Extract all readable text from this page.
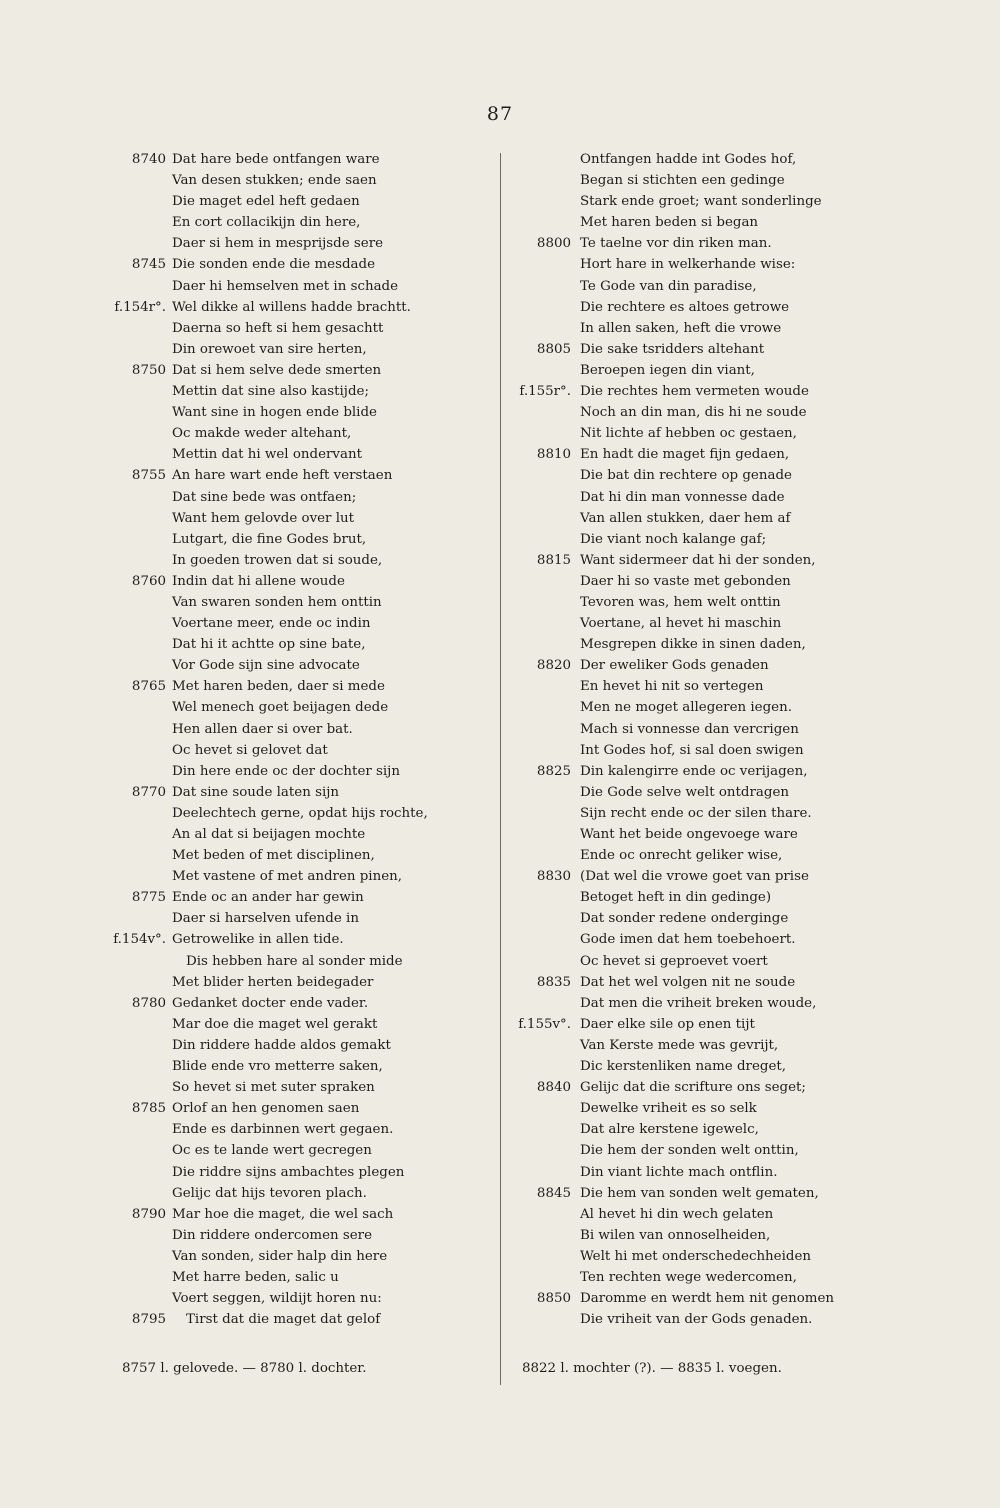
87
8740 Dat hare bede ontfangen ware
Van desen stukken; ende saen
Die maget edel heft gedaen
En cort collacikijn din here,
Daer si hem in mesprijsde sere
8745 Die sonden ende die mesdade
Daer hi hemselven met in schade
f.154r°. Wel dikke al willens hadde brachtt.
Daerna so heft si hem gesachtt
Din orewoet van sire herten,
8750 Dat si hem selve dede smerten
Mettin dat sine also kastijde;
Want sine in hogen ende blide
Oc makde weder altehant,
Mettin dat hi wel ondervant
8755 An hare wart ende heft verstaen
Dat sine bede was ontfaen;
Want hem gelovde over lut
Lutgart, die fine Godes brut,
In goeden trowen dat si soude,
8760 Indin dat hi allene woude
Van swaren sonden hem onttin
Voertane meer, ende oc indin
Dat hi it achtte op sine bate,
Vor Gode sijn sine advocate
8765 Met haren beden, daer si mede
Wel menech goet beijagen dede
Hen allen daer si over bat.
Oc hevet si gelovet dat
Din here ende oc der dochter sijn
8770 Dat sine soude laten sijn
Deelechtech gerne, opdat hijs rochte,
An al dat si beijagen mochte
Met beden of met disciplinen,
Met vastene of met andren pinen,
8775 Ende oc an ander har gewin
Daer si harselven ufende in
f.154v°. Getrowelike in allen tide.
Dis hebben hare al sonder mide
Met blider herten beidegader
8780 Gedanket docter ende vader.
Mar doe die maget wel gerakt
Din riddere hadde aldos gemakt
Blide ende vro metterre saken,
So hevet si met suter spraken
8785 Orlof an hen genomen saen
Ende es darbinnen wert gegaen.
Oc es te lande wert gecregen
Die riddre sijns ambachtes plegen
Gelijc dat hijs tevoren plach.
8790 Mar hoe die maget, die wel sach
Din riddere ondercomen sere
Van sonden, sider halp din here
Met harre beden, salic u
Voert seggen, wildijt horen nu:
8795 Tirst dat die maget dat gelof
Ontfangen hadde int Godes hof,
Began si stichten een gedinge
Stark ende groet; want sonderlinge
Met haren beden si began
8800 Te taelne vor din riken man.
Hort hare in welkerhande wise:
Te Gode van din paradise,
Die rechtere es altoes getrowe
In allen saken, heft die vrowe
8805 Die sake tsridders altehant
Beroepen iegen din viant,
f.155r°. Die rechtes hem vermeten woude
Noch an din man, dis hi ne soude
Nit lichte af hebben oc gestaen,
8810 En hadt die maget fijn gedaen,
Die bat din rechtere op genade
Dat hi din man vonnesse dade
Van allen stukken, daer hem af
Die viant noch kalange gaf;
8815 Want sidermeer dat hi der sonden,
Daer hi so vaste met gebonden
Tevoren was, hem welt onttin
Voertane, al hevet hi maschin
Mesgrepen dikke in sinen daden,
8820 Der eweliker Gods genaden
En hevet hi nit so vertegen
Men ne moget allegeren iegen.
Mach si vonnesse dan vercrigen
Int Godes hof, si sal doen swigen
8825 Din kalengirre ende oc verijagen,
Die Gode selve welt ontdragen
Sijn recht ende oc der silen thare.
Want het beide ongevoege ware
Ende oc onrecht geliker wise,
8830 (Dat wel die vrowe goet van prise
Betoget heft in din gedinge)
Dat sonder redene onderginge
Gode imen dat hem toebehoert.
Oc hevet si geproevet voert
8835 Dat het wel volgen nit ne soude
Dat men die vriheit breken woude,
f.155v°. Daer elke sile op enen tijt
Van Kerste mede was gevrijt,
Dic kerstenliken name dreget,
8840 Gelijc dat die scrifture ons seget;
Dewelke vriheit es so selk
Dat alre kerstene igewelc,
Die hem der sonden welt onttin,
Din viant lichte mach ontflin.
8845 Die hem van sonden welt gematen,
Al hevet hi din wech gelaten
Bi wilen van onnoselheiden,
Welt hi met onderschedechheiden
Ten rechten wege wedercomen,
8850 Daromme en werdt hem nit genomen
Die vriheit van der Gods genaden.
8757 l. gelovede. — 8780 l. dochter.	8822 l. mochter (?). — 8835 l. voegen.
